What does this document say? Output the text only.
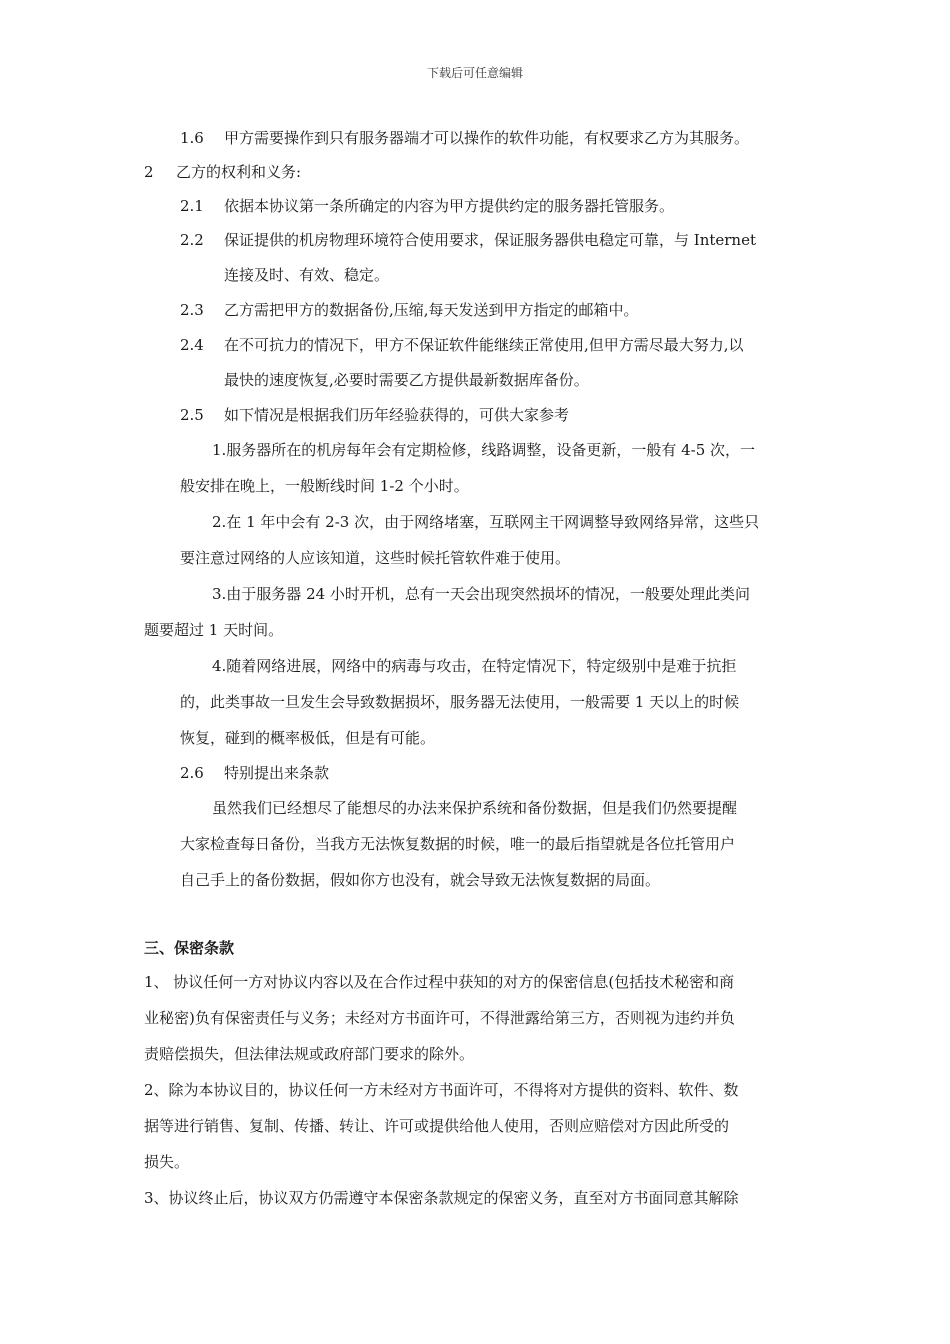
下载后可任意编辑
1.6 甲方需要操作到只有服务器端才可以操作的软件功能，有权要求乙方为其服务。
2 乙方的权利和义务:
2.1 依据本协议第一条所确定的内容为甲方提供约定的服务器托管服务。
2.2 保证提供的机房物理环境符合使用要求，保证服务器供电稳定可靠，与 Internet
连接及时、有效、稳定。
2.3 乙方需把甲方的数据备份,压缩,每天发送到甲方指定的邮箱中。
2.4 在不可抗力的情况下，甲方不保证软件能继续正常使用,但甲方需尽最大努力,以
最快的速度恢复,必要时需要乙方提供最新数据库备份。
2.5 如下情况是根据我们历年经验获得的，可供大家参考
1.服务器所在的机房每年会有定期检修，线路调整，设备更新，一般有 4-5 次，一
般安排在晚上，一般断线时间 1-2 个小时。
2.在 1 年中会有 2-3 次，由于网络堵塞，互联网主干网调整导致网络异常，这些只
要注意过网络的人应该知道，这些时候托管软件难于使用。
3.由于服务器 24 小时开机，总有一天会出现突然损坏的情况，一般要处理此类问
题要超过 1 天时间。
4.随着网络进展，网络中的病毒与攻击，在特定情况下，特定级别中是难于抗拒
的，此类事故一旦发生会导致数据损坏，服务器无法使用，一般需要 1 天以上的时候
恢复，碰到的概率极低，但是有可能。
2.6 特别提出来条款
虽然我们已经想尽了能想尽的办法来保护系统和备份数据，但是我们仍然要提醒
大家检查每日备份，当我方无法恢复数据的时候，唯一的最后指望就是各位托管用户
自己手上的备份数据，假如你方也没有，就会导致无法恢复数据的局面。
三、保密条款
1、 协议任何一方对协议内容以及在合作过程中获知的对方的保密信息(包括技术秘密和商
业秘密)负有保密责任与义务；未经对方书面许可，不得泄露给第三方，否则视为违约并负
责赔偿损失，但法律法规或政府部门要求的除外。
2、除为本协议目的，协议任何一方未经对方书面许可，不得将对方提供的资料、软件、数
据等进行销售、复制、传播、转让、许可或提供给他人使用，否则应赔偿对方因此所受的
损失。
3、协议终止后，协议双方仍需遵守本保密条款规定的保密义务，直至对方书面同意其解除
